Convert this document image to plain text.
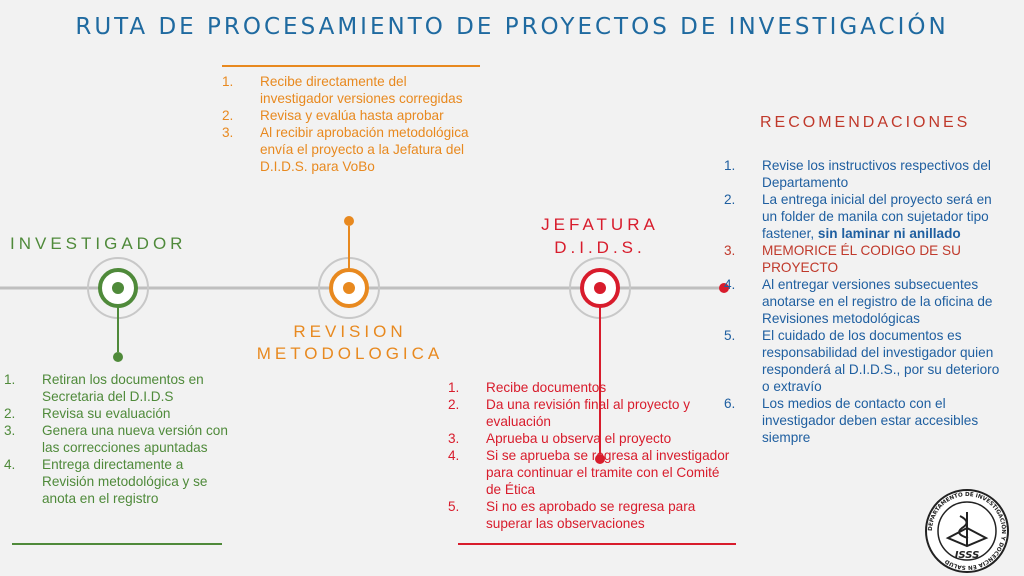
RUTA DE PROCESAMIENTO DE PROYECTOS DE INVESTIGACIÓN
INVESTIGADOR
REVISION
METODOLOGICA
JEFATURA
D.I.D.S.
RECOMENDACIONES
1.	Recibe directamente del investigador versiones corregidas
2.	Revisa y evalúa hasta aprobar
3.	Al recibir aprobación metodológica envía el proyecto a la Jefatura del D.I.D.S. para VoBo
1.	Retiran los documentos en Secretaria del D.I.D.S
2.	Revisa su evaluación
3.	Genera una nueva versión con las correcciones apuntadas
4.	Entrega directamente a Revisión metodológica y se anota en el registro
1.	Recibe documentos
2.	Da una revisión final al proyecto y evaluación
3.	Aprueba u observa el proyecto
4.	Si se aprueba se regresa al investigador para continuar el tramite con el Comité de Ética
5.	Si no es aprobado se regresa para superar las observaciones
1.	Revise los instructivos respectivos del Departamento
2.	La entrega inicial del proyecto será en un folder de manila con sujetador tipo fastener, sin laminar ni anillado
3.	MEMORICE ÉL CODIGO DE SU PROYECTO
4.	Al entregar versiones subsecuentes anotarse en el registro de la oficina de Revisiones metodológicas
5.	El cuidado de los documentos es responsabilidad del investigador quien responderá al D.I.D.S., por su deterioro o extravío
6.	Los medios de contacto con el investigador deben estar accesibles siempre
DEPARTAMENTO DE INVESTIGACIÓN Y DOCENCIA EN SALUD
ISSS
